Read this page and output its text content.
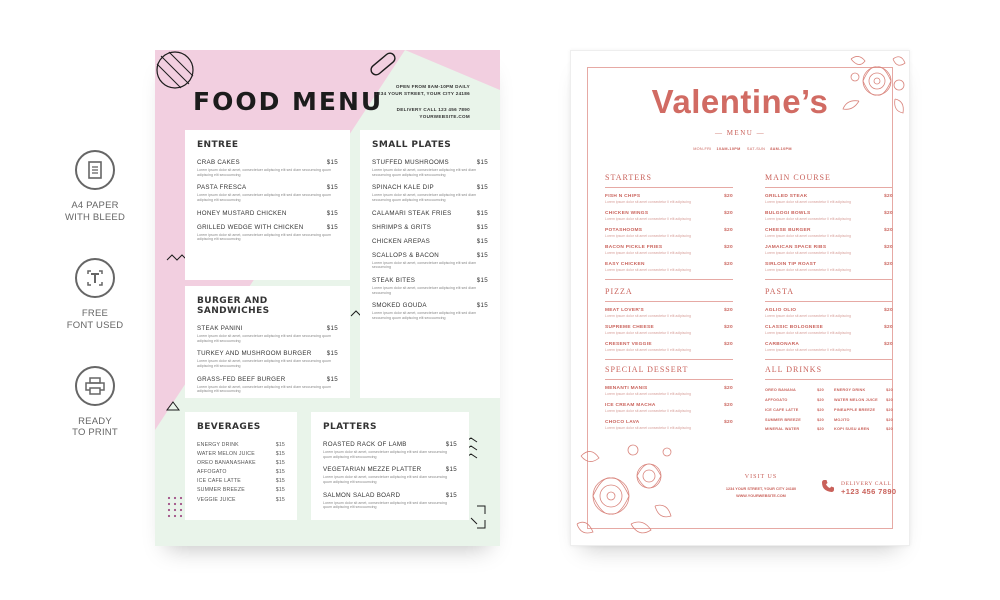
A4 PAPER
WITH BLEED
FREE
FONT USED
READY
TO PRINT
FOOD MENU
OPEN FROM 8AM-10PM DAILY
1234 YOUR STREET, YOUR CITY 24186
DELIVERY CALL 123 456 7890
YOURWEBSITE.COM
ENTREE
CRAB CAKES	$15
Lorem ipsum dolor sit amet, consectetuer adipiscing elit sed diam seccumcing quum adipiscing elit seccuumcing
PASTA FRESCA	$15
Lorem ipsum dolor sit amet, consectetuer adipiscing elit sed diam seccumcing quum adipiscing elit seccuumcing
HONEY MUSTARD CHICKEN	$15
GRILLED WEDGE WITH CHICKEN	$15
Lorem ipsum dolor sit amet, consectetuer adipiscing elit sed diam seccumcing quum adipiscing elit seccuumcing
BURGER AND SANDWICHES
STEAK PANINI	$15
Lorem ipsum dolor sit amet, consectetuer adipiscing elit sed diam seccumcing quum adipiscing elit seccuumcing
TURKEY AND MUSHROOM BURGER $15
Lorem ipsum dolor sit amet, consectetuer adipiscing elit sed diam seccumcing quum adipiscing elit seccuumcing
GRASS-FED BEEF BURGER	$15
Lorem ipsum dolor sit amet, consectetuer adipiscing elit sed diam seccumcing quum adipiscing elit seccuumcing
SMALL PLATES
STUFFED MUSHROOMS	$15
Lorem ipsum dolor sit amet, consectetuer adipiscing elit sed diam seccumcing quum adipiscing elit seccuumcing
SPINACH KALE DIP	$15
Lorem ipsum dolor sit amet, consectetuer adipiscing elit sed diam seccumcing quum adipiscing elit seccuumcing
CALAMARI STEAK FRIES	$15
SHRIMPS & GRITS	$15
CHICKEN AREPAS	$15
SCALLOPS & BACON	$15
Lorem ipsum dolor sit amet, consectetuer adipiscing elit sed diam seccumcing
STEAK BITES	$15
Lorem ipsum dolor sit amet, consectetuer adipiscing elit sed diam seccumcing
SMOKED GOUDA	$15
Lorem ipsum dolor sit amet, consectetuer adipiscing elit sed diam seccumcing quum adipiscing elit seccuumcing
BEVERAGES
ENERGY DRINK	$15
WATER MELON JUICE	$15
OREO BANANASHAKE	$15
AFFOGATO	$15
ICE CAFE LATTE	$15
SUMMER BREEZE	$15
VEGGIE JUICE	$15
PLATTERS
ROASTED RACK OF LAMB	$15
Lorem ipsum dolor sit amet, consectetuer adipiscing elit sed diam seccumcing quum adipiscing elit seccuumcing
VEGETARIAN MEZZE PLATTER	$15
Lorem ipsum dolor sit amet, consectetuer adipiscing elit sed diam seccumcing quum adipiscing elit seccuumcing
SALMON SALAD BOARD	$15
Lorem ipsum dolor sit amet, consectetuer adipiscing elit sed diam seccumcing quum adipiscing elit seccuumcing
Valentine’s
— MENU —
MON-FRI 10AM-10PM SAT-SUN 8AM-10PM
STARTERS
FISH N CHIPS	$20
Lorem ipsum dolor sit amet consectetur Il elit adipiscing
CHICKEN WINGS	$20
Lorem ipsum dolor sit amet consectetur Il elit adipiscing
POTASHOOMS	$20
Lorem ipsum dolor sit amet consectetur Il elit adipiscing
BACON PICKLE FRIES	$20
Lorem ipsum dolor sit amet consectetur Il elit adipiscing
EASY CHICKEN	$20
Lorem ipsum dolor sit amet consectetur Il elit adipiscing
MAIN COURSE
GRILLED STEAK	$20
Lorem ipsum dolor sit amet consectetur Il elit adipiscing
BULGOGI BOWLS	$20
Lorem ipsum dolor sit amet consectetur Il elit adipiscing
CHEESE BURGER	$20
Lorem ipsum dolor sit amet consectetur Il elit adipiscing
JAMAICAN SPACE RIBS	$20
Lorem ipsum dolor sit amet consectetur Il elit adipiscing
SIRLOIN TIP ROAST	$20
Lorem ipsum dolor sit amet consectetur Il elit adipiscing
PIZZA
MEAT LOVER'S	$20
Lorem ipsum dolor sit amet consectetur Il elit adipiscing
SUPREME CHEESE	$20
Lorem ipsum dolor sit amet consectetur Il elit adipiscing
CRESENT VEGGIE	$20
Lorem ipsum dolor sit amet consectetur Il elit adipiscing
PASTA
AGLIO OLIO	$20
Lorem ipsum dolor sit amet consectetur Il elit adipiscing
CLASSIC BOLOGNESE	$20
Lorem ipsum dolor sit amet consectetur Il elit adipiscing
CARBONARA	$20
Lorem ipsum dolor sit amet consectetur Il elit adipiscing
SPECIAL DESSERT
MENANTI MANIS	$20
Lorem ipsum dolor sit amet consectetur Il elit adipiscing
ICE CREAM MACHA	$20
Lorem ipsum dolor sit amet consectetur Il elit adipiscing
CHOCO LAVA	$20
Lorem ipsum dolor sit amet consectetur Il elit adipiscing
ALL DRINKS
OREO BANANA	$20	ENERGY DRINK	$20
AFFOGATO	$20	WATER MELON JUICE $20
ICE CAFE LATTE	$20	PINEAPPLE BREEZE	$20
SUMMER BREEZE	$20	MOJITO	$20
MINERAL WATER	$20	KOPI SUSU AREN	$20
VISIT US
1234 YOUR STREET, YOUR CITY 24180
WWW.YOURWEBSITE.COM
DELIVERY CALL
+123 456 7890
